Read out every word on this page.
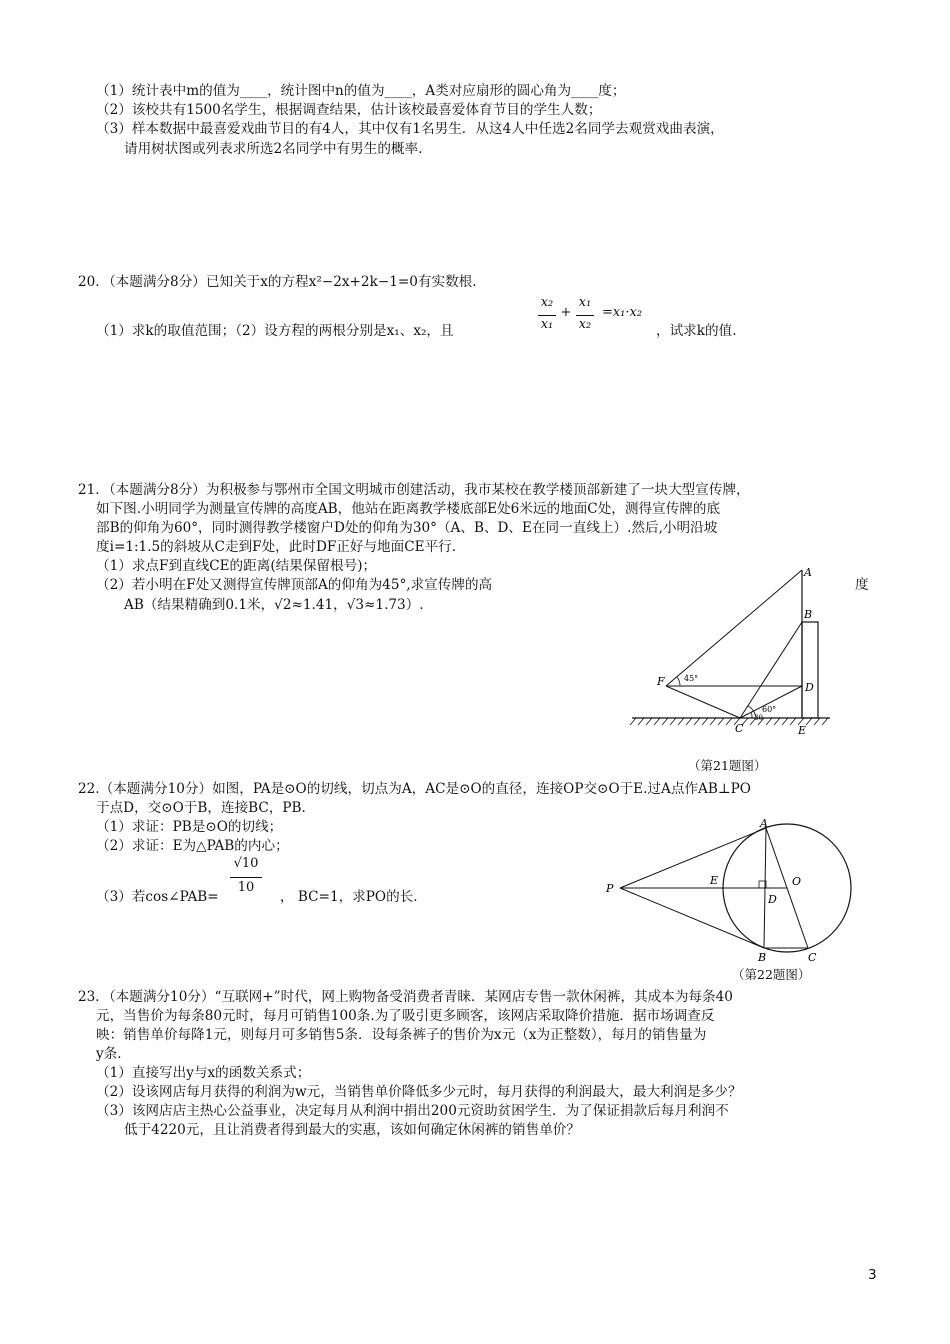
（1）统计表中m的值为____，统计图中n的值为____，A类对应扇形的圆心角为____度；
（2）该校共有1500名学生，根据调查结果，估计该校最喜爱体育节目的学生人数；
（3）样本数据中最喜爱戏曲节目的有4人，其中仅有1名男生．从这4人中任选2名同学去观赏戏曲表演，
请用树状图或列表求所选2名同学中有男生的概率.
20．（本题满分8分）已知关于x的方程x²−2x+2k−1=0有实数根.
（1）求k的取值范围；（2）设方程的两根分别是x₁、x₂，且
x₂
x₁
+
x₁
x₂
=x₁·x₂
，试求k的值.
21．（本题满分8分）为积极参与鄂州市全国文明城市创建活动，我市某校在教学楼顶部新建了一块大型宣传牌，
如下图.小明同学为测量宣传牌的高度AB，他站在距离教学楼底部E处6米远的地面C处，测得宣传牌的底
部B的仰角为60°，同时测得教学楼窗户D处的仰角为30°（A、B、D、E在同一直线上）.然后,小明沿坡
度i=1:1.5的斜坡从C走到F处，此时DF正好与地面CE平行.
（1）求点F到直线CE的距离(结果保留根号)；
（2）若小明在F处又测得宣传牌顶部A的仰角为45°,求宣传牌的高	度
AB（结果精确到0.1米，√2≈1.41，√3≈1.73）.
A
B
D
F
C	E
45°
60°
30
（第21题图）
22.（本题满分10分）如图，PA是⊙O的切线，切点为A，AC是⊙O的直径，连接OP交⊙O于E.过A点作AB⊥PO
于点D，交⊙O于B，连接BC，PB.
（1）求证：PB是⊙O的切线；
（2）求证：E为△PAB的内心；
（3）若cos∠PAB=
√10
10
， BC=1，求PO的长.
A
P
E	O
D
B	C
（第22题图）
23．（本题满分10分）“互联网+”时代，网上购物备受消费者青睐．某网店专售一款休闲裤，其成本为每条40
元，当售价为每条80元时，每月可销售100条.为了吸引更多顾客，该网店采取降价措施．据市场调查反
映：销售单价每降1元，则每月可多销售5条．设每条裤子的售价为x元（x为正整数），每月的销售量为
y条.
（1）直接写出y与x的函数关系式；
（2）设该网店每月获得的利润为w元，当销售单价降低多少元时，每月获得的利润最大，最大利润是多少？
（3）该网店店主热心公益事业，决定每月从利润中捐出200元资助贫困学生．为了保证捐款后每月利润不
低于4220元，且让消费者得到最大的实惠，该如何确定休闲裤的销售单价？
3
